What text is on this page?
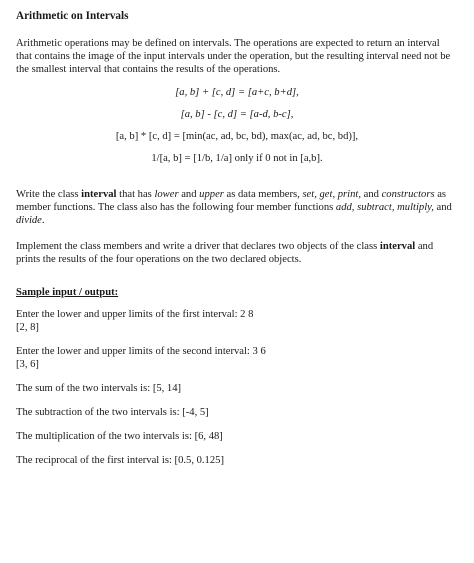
Arithmetic on Intervals

Arithmetic operations may be defined on intervals. The operations are expected to return an interval that contains the image of the input intervals under the operation, but the resulting interval need not be the smallest interval that contains the results of the operations.

[a, b] + [c, d] = [a+c, b+d],
[a, b] - [c, d] = [a-d, b-c],
[a, b] * [c, d] = [min(ac, ad, bc, bd), max(ac, ad, bc, bd)],
1/[a, b] = [1/b, 1/a] only if 0 not in [a,b].

Write the class interval that has lower and upper as data members, set, get, print, and constructors as member functions. The class also has the following four member functions add, subtract, multiply, and divide.

Implement the class members and write a driver that declares two objects of the class interval and prints the results of the four operations on the two declared objects.

Sample input / output:
Enter the lower and upper limits of the first interval: 2 8
[2, 8]
Enter the lower and upper limits of the second interval: 3 6
[3, 6]
The sum of the two intervals is: [5, 14]
The subtraction of the two intervals is: [-4, 5]
The multiplication of the two intervals is: [6, 48]
The reciprocal of the first interval is: [0.5, 0.125]
